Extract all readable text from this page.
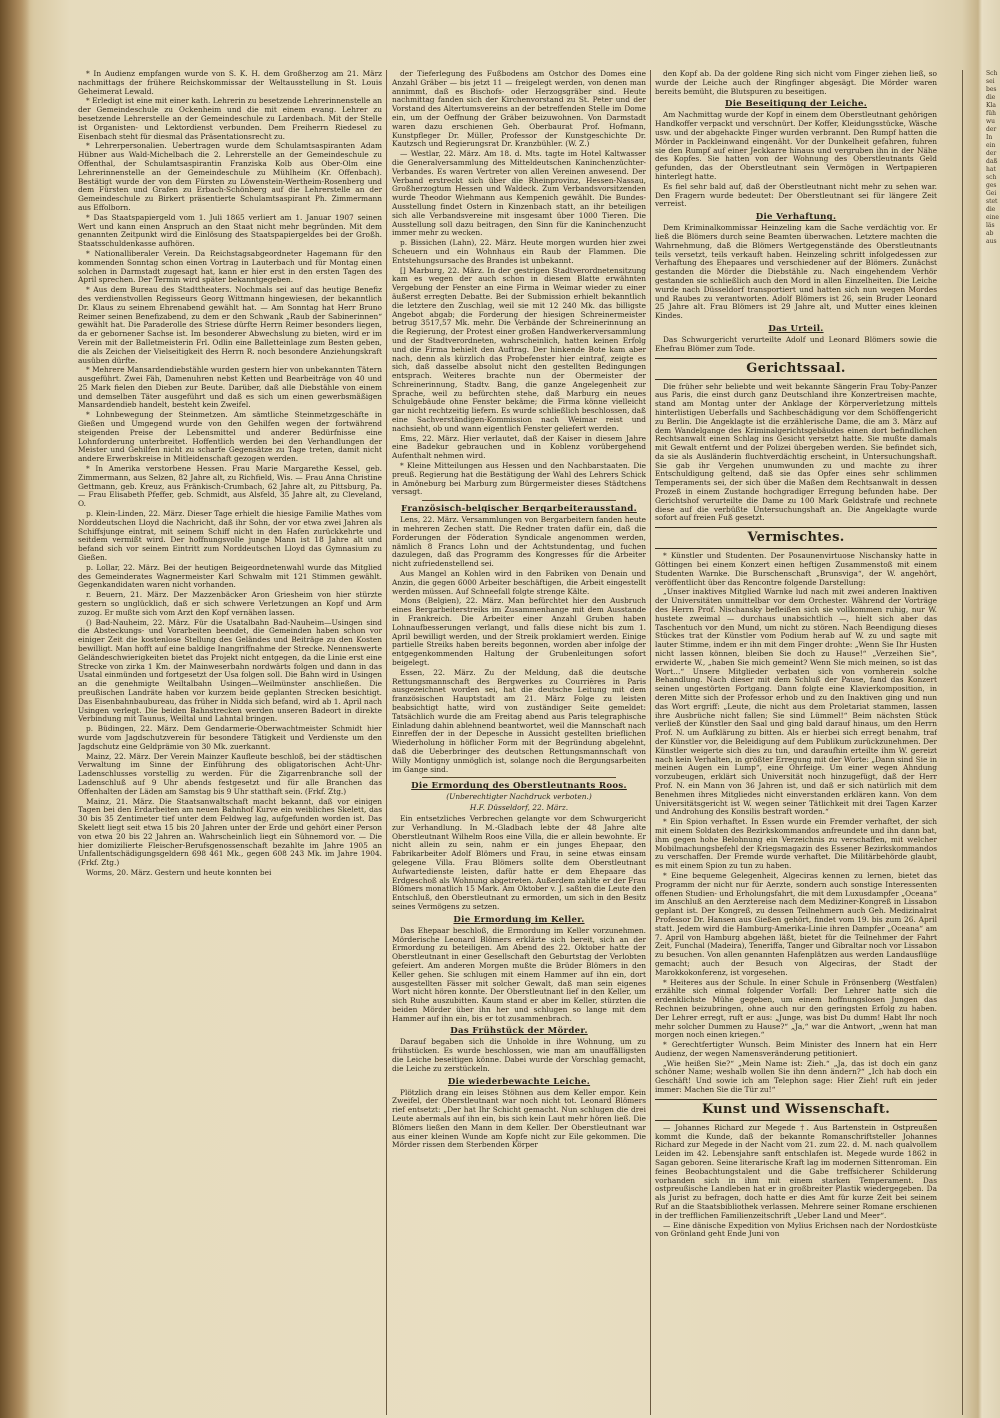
* In Audienz empfangen wurde von S. K. H. dem Großherzog am 21. März nachmittags der frühere Reichskommissar der Weltausstellung in St. Louis Geheimerat Lewald.

* Erledigt ist eine mit einer kath. Lehrerin zu besetzende Lehrerinnenstelle an der Gemeindeschule zu Ockenheim und die mit einem evang. Lehrer zu besetzende Lehrerstelle an der Gemeindeschule zu Lardenbach. Mit der Stelle ist Organisten- und Lektordienst verbunden. Dem Freiherrn Riedesel zu Eisenbach steht für diesmal das Präsentationsrecht zu.

* Lehrerpersonalien. Uebertragen wurde dem Schulamtsaspiranten Adam Hübner aus Wald-Michelbach die 2. Lehrerstelle an der Gemeindeschule zu Offenthal, der Schulamtsaspirantin Franziska Kolb aus Ober-Olm eine Lehrerinnenstelle an der Gemeindeschule zu Mühlheim (Kr. Offenbach). Bestätigt wurde der von dem Fürsten zu Löwenstein-Wertheim-Rosenberg und dem Fürsten und Grafen zu Erbach-Schönberg auf die Lehrerstelle an der Gemeindeschule zu Birkert präsentierte Schulamtsaspirant Ph. Zimmermann aus Effolborn.

* Das Staatspapiergeld vom 1. Juli 1865 verliert am 1. Januar 1907 seinen Wert und kann einen Anspruch an den Staat nicht mehr begründen. Mit dem genannten Zeitpunkt wird die Einlösung des Staatspapiergeldes bei der Großh. Staatsschuldenkasse aufhören.

* Nationalliberaler Verein. Da Reichstagsabgeordneter Hagemann für den kommenden Sonntag schon einen Vortrag in Lauterbach und für Montag einen solchen in Darmstadt zugesagt hat, kann er hier erst in den ersten Tagen des April sprechen. Der Termin wird später bekanntgegeben.

* Aus dem Bureau des Stadttheaters. Nochmals sei auf das heutige Benefiz des verdienstvollen Regisseurs Georg Wittmann hingewiesen, der bekanntlich Dr. Klaus zu seinem Ehrenabend gewählt hat. — Am Sonntag hat Herr Bruno Reimer seinen Benefizabend, zu dem er den Schwank „Raub der Sabinerinnen“ gewählt hat. Die Paraderolle des Striese dürfte Herrn Reimer besonders liegen, da er gebornener Sachse ist. Im besonderer Abwechslung zu bieten, wird er im Verein mit der Balletmeisterin Frl. Odlin eine Balletteinlage zum Besten geben, die als Zeichen der Vielseitigkeit des Herrn R. noch besondere Anziehungskraft ausüben dürfte.

* Mehrere Mansardendiebstähle wurden gestern hier von unbekannten Tätern ausgeführt. Zwei Fäh, Damenuhren nebst Ketten und Bearbeiträge von 40 und 25 Mark fielen den Dieben zur Beute. Darüber, daß alle Diebstähle von einem und demselben Täter ausgeführt und daß es sich um einen gewerbsmäßigen Mansardendieb handelt, besteht kein Zweifel.

* Lohnbewegung der Steinmetzen. Am sämtliche Steinmetzgeschäfte in Gießen und Umgegend wurde von den Gehilfen wegen der fortwährend steigenden Preise der Lebensmittel und anderer Bedürfnisse eine Lohnforderung unterbreitet. Hoffentlich werden bei den Verhandlungen der Meister und Gehilfen nicht zu scharfe Gegensätze zu Tage treten, damit nicht andere Erwerbskreise in Mitleidenschaft gezogen werden.

* In Amerika verstorbene Hessen. Frau Marie Margarethe Kessel, geb. Zimmermann, aus Selzen, 82 Jahre alt, zu Richfield, Wis. — Frau Anna Christine Gettmann, geb. Kreuz, aus Fränkisch-Crumbach, 62 Jahre alt, zu Pittsburg, Pa. — Frau Elisabeth Pfeffer, geb. Schmidt, aus Alsfeld, 35 Jahre alt, zu Cleveland, O.

p. Klein-Linden, 22. März. Dieser Tage erhielt die hiesige Familie Mathes vom Norddeutschen Lloyd die Nachricht, daß ihr Sohn, der vor etwa zwei Jahren als Schiffsjunge eintrat, mit seinem Schiff nicht in den Hafen zurückkehrte und seitdem vermißt wird. Der hoffnungsvolle junge Mann ist 18 Jahre alt und befand sich vor seinem Eintritt zum Norddeutschen Lloyd das Gymnasium zu Gießen.

p. Lollar, 22. März. Bei der heutigen Beigeordnetenwahl wurde das Mitglied des Gemeinderates Wagnermeister Karl Schwalm mit 121 Stimmen gewählt. Gegenkandidaten waren nicht vorhanden.

r. Beuern, 21. März. Der Mazzenbäcker Aron Griesheim von hier stürzte gestern so unglücklich, daß er sich schwere Verletzungen an Kopf und Arm zuzog. Er mußte sich vom Arzt den Kopf vernähen lassen.

() Bad-Nauheim, 22. März. Für die Usatalbahn Bad-Nauheim—Usingen sind die Absteckungs- und Vorarbeiten beendet, die Gemeinden haben schon vor einiger Zeit die kostenlose Stellung des Geländes und Beiträge zu den Kosten bewilligt. Man hofft auf eine baldige Inangriffnahme der Strecke. Nennenswerte Geländeschwierigkeiten bietet das Projekt nicht entgegen, da die Linie erst eine Strecke von zirka 1 Km. der Mainweserbahn nordwärts folgen und dann in das Usatal einmünden und fortgesetzt der Usa folgen soll. Die Bahn wird in Usingen an die genehmigte Weiltalbahn Usingen—Weilmünster anschließen. Die preußischen Landräte haben vor kurzem beide geplanten Strecken besichtigt. Das Eisenbahnbaubureau, das früher in Nidda sich befand, wird ab 1. April nach Usingen verlegt. Die beiden Bahnstrecken werden unseren Badeort in direkte Verbindung mit Taunus, Weiltal und Lahntal bringen.

p. Büdingen, 22. März. Dem Gendarmerie-Oberwachtmeister Schmidt hier wurde vom Jagdschutzverein für besondere Tätigkeit und Verdienste um den Jagdschutz eine Geldprämie von 30 Mk. zuerkannt.

Mainz, 22. März. Der Verein Mainzer Kaufleute beschloß, bei der städtischen Verwaltung im Sinne der Einführung des obligatorischen Acht-Uhr-Ladenschlusses vorstellig zu werden. Für die Zigarrenbranche soll der Ladenschluß auf 9 Uhr abends festgesetzt und für alle Branchen das Offenhalten der Läden am Samstag bis 9 Uhr statthaft sein. (Frkf. Ztg.)

Mainz, 21. März. Die Staatsanwaltschaft macht bekannt, daß vor einigen Tagen bei den Erdarbeiten am neuen Bahnhof Kurve ein weibliches Skelett, das 30 bis 35 Zentimeter tief unter dem Feldweg lag, aufgefunden worden ist. Das Skelett liegt seit etwa 15 bis 20 Jahren unter der Erde und gehört einer Person von etwa 20 bis 22 Jahren an. Wahrscheinlich liegt ein Sühnemord vor. — Die hier domizilierte Fleischer-Berufsgenossenschaft bezahlte im Jahre 1905 an Unfallentschädigungsgeldern 698 461 Mk., gegen 608 243 Mk. im Jahre 1904. (Frkf. Ztg.)

Worms, 20. März. Gestern und heute konnten bei

der Tieferlegung des Fußbodens am Ostchor des Domes eine Anzahl Gräber — bis jetzt 11 — freigelegt werden, von denen man annimmt, daß es Bischofs- oder Herzogsgräber sind. Heute nachmittag fanden sich der Kirchenvorstand zu St. Peter und der Vorstand des Altertumsvereins an der betreffenden Stelle im Dome ein, um der Oeffnung der Gräber beizuwohnen. Von Darmstadt waren dazu erschienen Geh. Oberbaurat Prof. Hofmann, Kunstpfleger Dr. Müller, Professor der Kunstgeschichte Dr. Kautzsch und Regierungsrat Dr. Kranzbühler. (W. Z.)

— Westlar, 22. März. Am 18. d. Mts. tagte im Hotel Kaltwasser die Generalversammlung des Mitteldeutschen Kaninchenzüchter-Verbandes. Es waren Vertreter von allen Vereinen anwesend. Der Verband erstreckt sich über die Rheinprovinz, Hessen-Nassau, Großherzogtum Hessen und Waldeck. Zum Verbandsvorsitzenden wurde Theodor Wiehmann aus Kempenich gewählt. Die Bundes-Ausstellung findet Ostern in Kinzenbach statt, an ihr beteiligen sich alle Verbandsvereine mit insgesamt über 1000 Tieren. Die Ausstellung soll dazu beitragen, den Sinn für die Kaninchenzucht immer mehr zu wecken.

p. Bissichen (Lahn), 22. März. Heute morgen wurden hier zwei Scheuern und ein Wohnhaus ein Raub der Flammen. Die Entstehungsursache des Brandes ist unbekannt.

[] Marburg, 22. März. In der gestrigen Stadtverordnetensitzung kam es wegen der auch schon in diesem Blatte erwähnten Vergebung der Fenster an eine Firma in Weimar wieder zu einer äußerst erregten Debatte. Bei der Submission erhielt bekanntlich die letztere den Zuschlag, weil sie mit 12 240 Mk. das billigste Angebot abgab; die Forderung der hiesigen Schreinermeister betrug 3517,57 Mk. mehr. Die Verbände der Schreinerinnung an die Regierung, der Protest einer großen Handwerkerversammlung und der Stadtverordneten, wahrscheinlich, hatten keinen Erfolg und die Firma behielt den Auftrag. Der hinkende Bote kam aber nach, denn als kürzlich das Probefenster hier eintraf, zeigte es sich, daß dasselbe absolut nicht den gestellten Bedingungen entsprach. Weiteres brachte nun der Obermeister der Schreinerinnung, Stadtv. Bang, die ganze Angelegenheit zur Sprache, weil zu befürchten stehe, daß Marburg ein neues Schulgebäude ohne Fenster bekäme; die Firma könne vielleicht gar nicht rechtzeitig liefern. Es wurde schließlich beschlossen, daß eine Sachverständigen-Kommission nach Weimar reist und nachsieht, ob und wann eigentlich Fenster geliefert werden.

Ems, 22. März. Hier verlautet, daß der Kaiser in diesem Jahre eine Badekur gebrauchen und in Koblenz vorübergehend Aufenthalt nehmen wird.

* Kleine Mitteilungen aus Hessen und den Nachbarstaaten. Die preuß. Regierung hat die Bestätigung der Wahl des Lehrers Schick in Amöneburg bei Marburg zum Bürgermeister dieses Städtchens versagt.

Französisch-belgischer Bergarbeiterausstand.

Lens, 22. März. Versammlungen von Bergarbeitern fanden heute in mehreren Zechen statt. Die Redner traten dafür ein, daß die Forderungen der Föderation Syndicale angenommen werden, nämlich 8 Francs Lohn und der Achtstundentag, und fuchen dazulegen, daß das Programm des Kongresses für die Arbeiter nicht zufriedenstellend sei.

Aus Mangel an Kohlen wird in den Fabriken von Denain und Anzin, die gegen 6000 Arbeiter beschäftigen, die Arbeit eingestellt werden müssen. Auf Schneefall folgte strenge Kälte.

Mons (Belgien), 22. März. Man befürchtet hier den Ausbruch eines Bergarbeiterstreiks im Zusammenhange mit dem Ausstande in Frankreich. Die Arbeiter einer Anzahl Gruben haben Lohnaufbesserungen verlangt, und falls diese nicht bis zum 1. April bewilligt werden, und der Streik proklamiert werden. Einige partielle Streiks haben bereits begonnen, worden aber infolge der entgegenkommenden Haltung der Grubenleitungen sofort beigelegt.

Essen, 22. März. Zu der Meldung, daß die deutsche Rettungsmannschaft des Bergwerkes zu Courrières in Paris ausgezeichnet worden sei, hat die deutsche Leitung mit dem französischen Hauptstadt am 21. März Folge zu leisten beabsichtigt hatte, wird von zuständiger Seite gemeldet: Tatsächlich wurde die am Freitag abend aus Paris telegraphische Einladung dahin ablehnend beantwortet, weil die Mannschaft nach Einreffen der in der Depesche in Aussicht gestellten brieflichen Wiederholung in höflicher Form mit der Begründung abgelehnt, daß die Ueberbringer des deutschen Rettungsmannschaft von Willy Montigny unmöglich ist, solange noch die Bergungsarbeiten im Gange sind.

Die Ermordung des Oberstleutnants Roos.
(Unberechtigter Nachdruck verboten.)
H.F. Düsseldorf, 22. März.

Ein entsetzliches Verbrechen gelangte vor dem Schwurgericht zur Verhandlung. In M.-Gladbach lebte der 48 Jahre alte Oberstleutnant Wilhelm Roos eine Villa, die er allein bewohnte. Er nicht allein zu sein, nahm er ein junges Ehepaar, den Fabrikarbeiter Adolf Blömers und Frau, in seine etwas einsam gelegene Villa. Frau Blömers sollte dem Oberstleutnant Aufwartedienste leisten, dafür hatte er dem Ehepaare das Erdgeschoß als Wohnung abgetreten. Außerdem zahlte er der Frau Blömers monatlich 15 Mark. Am Oktober v. J. saßten die Leute den Entschluß, den Oberstleutnant zu ermorden, um sich in den Besitz seines Vermögens zu setzen.

Die Ermordung im Keller.

Das Ehepaar beschloß, die Ermordung im Keller vorzunehmen. Mörderische Leonard Blömers erklärte sich bereit, sich an der Ermordung zu beteiligen. Am Abend des 22. Oktober hatte der Oberstleutnant in einer Gesellschaft den Geburtstag der Verlobten gefeiert. Am anderen Morgen mußte die Brüder Blömers in den Keller gehen. Sie schlugen mit einem Hammer auf ihn ein, dort ausgestellten Fässer mit solcher Gewalt, daß man sein eigenes Wort nicht hören konnte. Der Oberstleutnant lief in den Keller, um sich Ruhe auszubitten. Kaum stand er aber im Keller, stürzten die beiden Mörder über ihn her und schlugen so lange mit dem Hammer auf ihn ein, bis er tot zusammenbrach.

Das Frühstück der Mörder.

Darauf begaben sich die Unholde in ihre Wohnung, um zu frühstücken. Es wurde beschlossen, wie man am unauffälligsten die Leiche beseitigen könne. Dabei wurde der Vorschlag gemacht, die Leiche zu zerstückeln.

Die wiederbewachte Leiche.

Plötzlich drang ein leises Stöhnen aus dem Keller empor. Kein Zweifel, der Oberstleutnant war noch nicht tot. Leonard Blömers rief entsetzt: „Der hat Ihr Schicht gemacht. Nun schlugen die drei Leute abermals auf ihn ein, bis sich kein Laut mehr hören ließ. Die Blömers ließen den Mann in dem Keller. Der Oberstleutnant war aus einer kleinen Wunde am Kopfe nicht zur Eile gekommen. Die Mörder rissen dem Sterbenden Körper

den Kopf ab. Da der goldene Ring sich nicht vom Finger ziehen ließ, so wurde der Leiche auch der Ringfinger abgesägt. Die Mörder waren bereits bemüht, die Blutspuren zu beseitigen.

Die Beseitigung der Leiche.

Am Nachmittag wurde der Kopf in einem dem Oberstleutnant gehörigen Handkoffer verpackt und verschnürt. Der Koffer, Kleidungsstücke, Wäsche usw. und der abgehackte Finger wurden verbrannt. Den Rumpf hatten die Mörder in Packleinwand eingenäht. Vor der Dunkelheit gefahren, fuhren sie den Rumpf auf einer Jeckkarre hinaus und vergruben ihn in der Nähe des Kopfes. Sie hatten von der Wohnung des Oberstleutnants Geld gefunden, das der Oberstleutnant sein Vermögen in Wertpapieren hinterlegt hatte.

Es fiel sehr bald auf, daß der Oberstleutnant nicht mehr zu sehen war. Den Fragern wurde bedeutet: Der Oberstleutnant sei für längere Zeit verreist.

Die Verhaftung.

Dem Kriminalkommissar Heinzeling kam die Sache verdächtig vor. Er ließ die Blömers durch seine Beamten überwachen. Letztere machten die Wahrnehmung, daß die Blömers Wertgegenstände des Oberstleutnants teils versetzt, teils verkauft haben. Heinzeling schritt infolgedessen zur Verhaftung des Ehepaares und verschiedener auf der Blömers. Zunächst gestanden die Mörder die Diebstähle zu. Nach eingehendem Verhör gestanden sie schließlich auch den Mord in allen Einzelheiten. Die Leiche wurde nach Düsseldorf transportiert und hatten sich nun wegen Mordes und Raubes zu verantworten. Adolf Blömers ist 26, sein Bruder Leonard 25 Jahre alt. Frau Blömers ist 29 Jahre alt, und Mutter eines kleinen Kindes.

Das Urteil.

Das Schwurgericht verurteilte Adolf und Leonard Blömers sowie die Ehefrau Blömer zum Tode.

Gerichtssaal.

Die früher sehr beliebte und weit bekannte Sängerin Frau Toby-Panzer aus Paris, die einst durch ganz Deutschland ihre Konzertreisen machte, stand am Montag unter der Anklage der Körperverletzung mittels hinterlistigen Ueberfalls und Sachbeschädigung vor dem Schöffengericht zu Berlin. Die Angeklagte ist die erzählerische Dame, die am 3. März auf dem Wandelgange des Kriminalgerichtsgebäudes einen dort befindlichen Rechtsanwalt einen Schlag ins Gesicht versetzt hatte. Sie mußte damals mit Gewalt entfernt und der Polizei übergeben werden. Sie befindet sich, da sie als Ausländerin fluchtverdächtig erscheint, in Untersuchungshaft. Sie gab ihr Vergehen unumwunden zu und machte zu ihrer Entschuldigung geltend, daß sie das Opfer eines sehr schlimmen Temperaments sei, der sich über die Maßen dem Rechtsanwalt in dessen Prozeß in einem Zustande hochgradiger Erregung befunden habe. Der Gerichtshof verurteilte die Dame zu 100 Mark Geldstrafe und rechnete diese auf die verbüßte Untersuchungshaft an. Die Angeklagte wurde sofort auf freien Fuß gesetzt.

Vermischtes.

* Künstler und Studenten. Der Posaunenvirtuose Nischansky hatte in Göttingen bei einem Konzert einen heftigen Zusammenstoß mit einem Studenten Warnke. Die Burschenschaft „Brunsviga“, der W. angehört, veröffentlicht über das Rencontre folgende Darstellung:

„Unser inaktives Mitglied Warnke lud nach mit zwei anderen Inaktiven der Universitäten unmittelbar vor dem Orchester. Während der Vorträge des Herrn Prof. Nischansky befleißen sich sie vollkommen ruhig, nur W. hustete zweimal — durchaus unabsichtlich —, hielt sich aber das Taschentuch vor den Mund, um nicht zu stören. Nach Beendigung dieses Stückes trat der Künstler vom Podium herab auf W. zu und sagte mit lauter Stimme, indem er ihn mit dem Finger drohte: „Wenn Sie Ihr Husten nicht lassen können, bleiben Sie doch zu Hause!“ „Verzeihen Sie“, erwiderte W., „haben Sie mich gemeint? Wenn Sie mich meinen, so ist das Wort…“ Unsere Mitglieder verbaten sich von vornherein solche Behandlung. Nach dieser mit dem Schluß der Pause, fand das Konzert seinen ungestörten Fortgang. Dann folgte eine Klavierkomposition, in deren Mitte sich der Professor erhob und zu den Inaktiven ging und nun das Wort ergriff: „Leute, die nicht aus dem Proletariat stammen, lassen ihre Ausbrüche nicht fallen; Sie sind Lümmel!“ Beim nächsten Stück verließ der Künstler den Saal und ging bald darauf hinaus, um den Herrn Prof. N. um Aufklärung zu bitten. Als er hierbei sich erregt benahm, traf der Künstler vor, die Beleidigung auf dem Publikum zurückzunehmen. Der Künstler weigerte sich dies zu tun, und daraufhin erteilte ihm W. gereizt nach kein Verhalten, in größter Erregung mit der Worte: „Dann sind Sie in meinen Augen ein Lump“, eine Ohrfeige. Um einer wegen Ahndung vorzubeugen, erklärt sich Universität noch hinzugefügt, daß der Herr Prof. N. ein Mann von 36 Jahren ist, und daß er sich natürlich mit dem Benehmen ihres Mitgliedes nicht einverstanden erklären kann. Von dem Universitätsgericht ist W. wegen seiner Tätlichkeit mit drei Tagen Karzer und Androhung des Konsilis bestraft worden.“

* Ein Spion verhaftet. In Essen wurde ein Fremder verhaftet, der sich mit einem Soldaten des Bezirkskommandos anfreundete und ihn dann bat, ihm gegen hohe Belohnung ein Verzeichnis zu verschaffen, mit welcher Mobilmachungsbefehl der Kriegsmagazin des Essener Bezirkskommandos zu verschaffen. Der Fremde wurde verhaftet. Die Militärbehörde glaubt, es mit einem Spion zu tun zu haben.

* Eine bequeme Gelegenheit, Algeciras kennen zu lernen, bietet das Programm der nicht nur für Aerzte, sondern auch sonstige Interessenten offenen Studien- und Erholungsfahrt, die mit dem Luxusdampfer „Oceana“ im Anschluß an den Aerztereise nach dem Mediziner-Kongreß in Lissabon geplant ist. Der Kongreß, zu dessen Teilnehmern auch Geh. Medizinalrat Professor Dr. Hansen aus Gießen gehört, findet vom 19. bis zum 26. April statt. Jedem wird die Hamburg-Amerika-Linie ihren Dampfer „Oceana“ am 7. April von Hamburg abgehen läßt, bietet für die Teilnehmer der Fahrt Zeit, Funchal (Madeira), Teneriffa, Tanger und Gibraltar noch vor Lissabon zu besuchen. Von allen genannten Hafenplätzen aus werden Landausflüge gemacht; auch der Besuch von Algeciras, der Stadt der Marokkokonferenz, ist vorgesehen.

* Heiteres aus der Schule. In einer Schule in Frönsenberg (Westfalen) erzählte sich einmal folgender Vorfall: Der Lehrer hatte sich die erdenklichste Mühe gegeben, um einem hoffnungslosen Jungen das Rechnen beizubringen, ohne auch nur den geringsten Erfolg zu haben. Der Lehrer erregt, ruft er aus: „Junge, was bist Du dumm! Habt Ihr noch mehr solcher Dummen zu Hause?“ „Ja,“ war die Antwort, „wenn hat man morgen noch einen kriegen.“

* Gerechtfertigter Wunsch. Beim Minister des Innern hat ein Herr Audienz, der wegen Namensveränderung petitioniert.

„Wie heißen Sie?“ „Mein Name ist: Zieh.“ „Ja, das ist doch ein ganz schöner Name; weshalb wollen Sie ihn denn ändern?“ „Ich hab doch ein Geschäft! Und sowie ich am Telephon sage: Hier Zieh! ruft ein jeder immer: Machen Sie die Tür zu!“

Kunst und Wissenschaft.

— Johannes Richard zur Megede †. Aus Bartenstein in Ostpreußen kommt die Kunde, daß der bekannte Romanschriftsteller Johannes Richard zur Megede in der Nacht vom 21. zum 22. d. M. nach qualvollem Leiden im 42. Lebensjahre sanft entschlafen ist. Megede wurde 1862 in Sagan geboren. Seine literarische Kraft lag im modernen Sittenroman. Ein feines Beobachtungstalent und die Gabe treffsicherer Schilderung vorhanden sich in ihm mit einem starken Temperament. Das ostpreußische Landleben hat er in großbreiter Plastik wiedergegeben. Da als Jurist zu befragen, doch hatte er dies Amt für kurze Zeit bei seinem Ruf an die Staatsbibliothek verlassen. Mehrere seiner Romane erschienen in der trefflichen Familienzeitschrift „Ueber Land und Meer“.

— Eine dänische Expedition von Mylius Erichsen nach der Nordostküste von Grönland geht Ende Juni von

Sch
sei
bes
die
Kla
füh
wu
der
In
ein
der
daß
hat
sch
ges
Gei
stet
die
eine
läs
ab
aus
